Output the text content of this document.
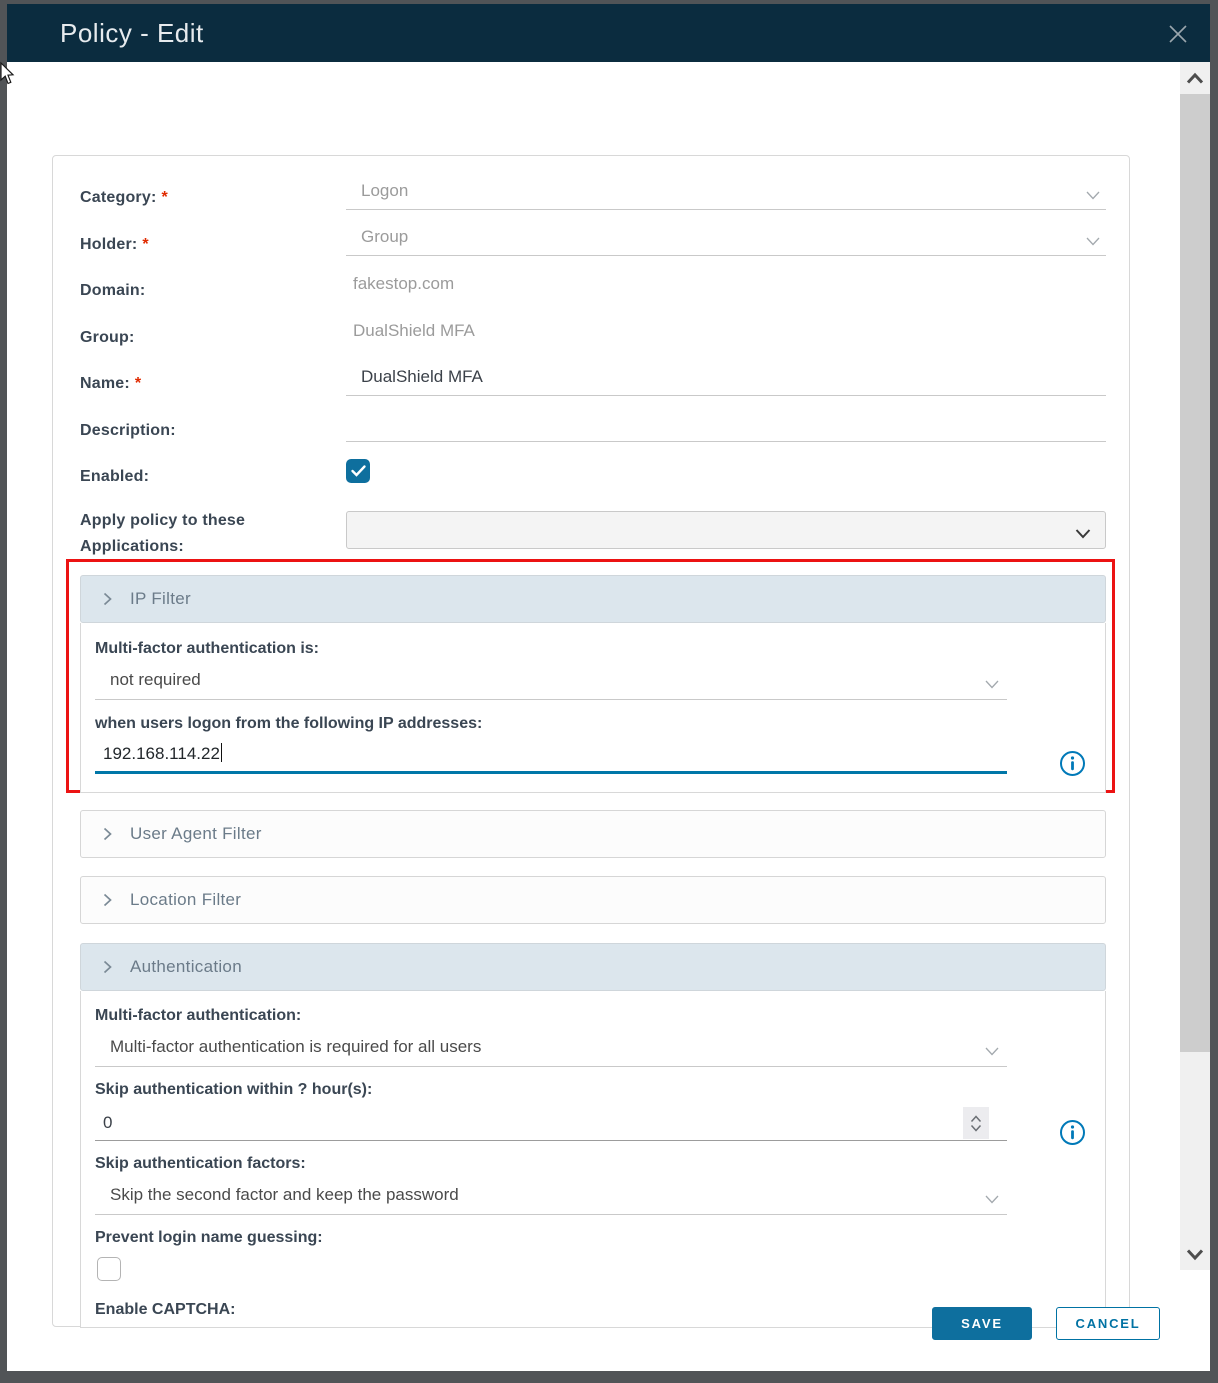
Policy - Edit
Category: *	Logon
Holder: *	Group
Domain:	fakestop.com
Group:	DualShield MFA
Name: *	DualShield MFA
Description:
Enabled:
Apply policy to these
Applications:
IP Filter
Multi-factor authentication is:
not required
when users logon from the following IP addresses:
192.168.114.22
User Agent Filter
Location Filter
Authentication
Multi-factor authentication:
Multi-factor authentication is required for all users
Skip authentication within ? hour(s):
0
Skip authentication factors:
Skip the second factor and keep the password
Prevent login name guessing:
Enable CAPTCHA:
SAVE	CANCEL
